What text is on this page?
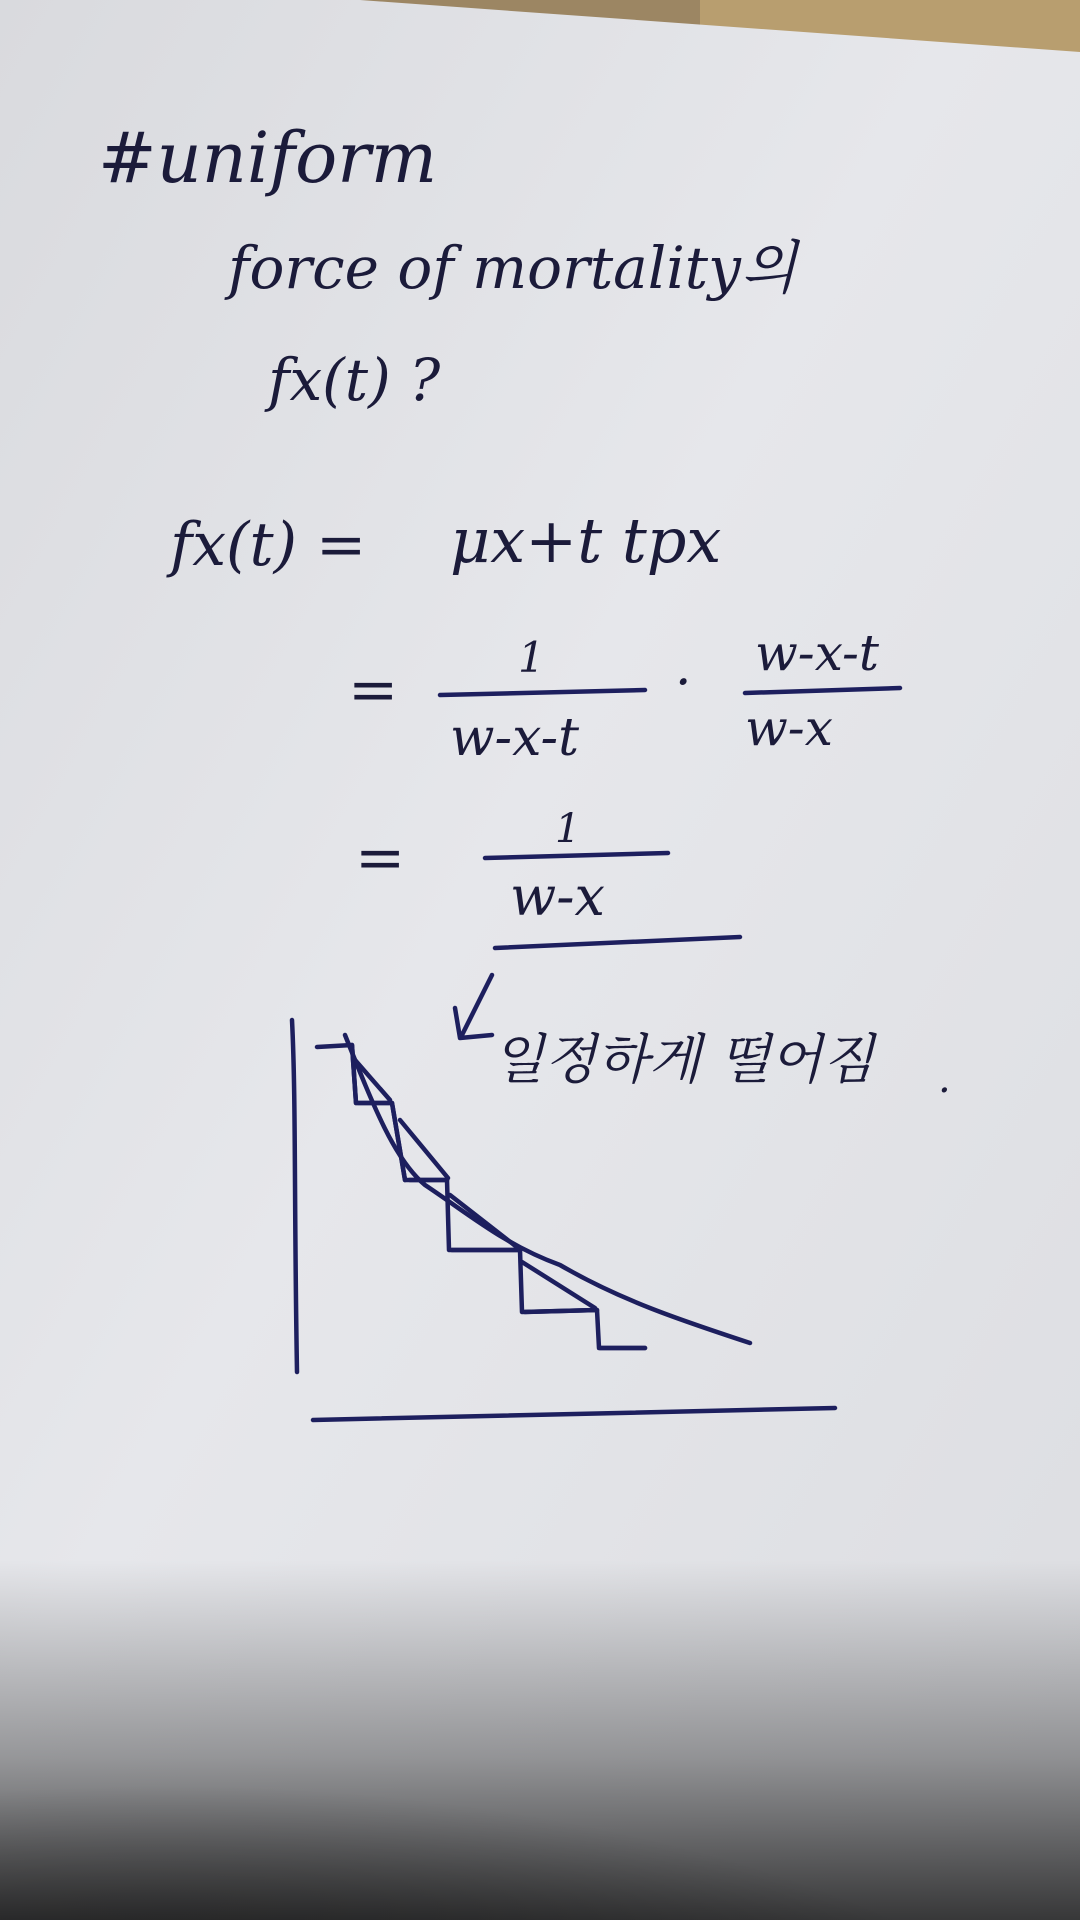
#uniform
force of mortality의
fx(t) ?
fx(t) = μx+t tpx
=	1
w-x-t
· w-x-t
w-x
=	1
w-x
일정하게 떨어짐 .
